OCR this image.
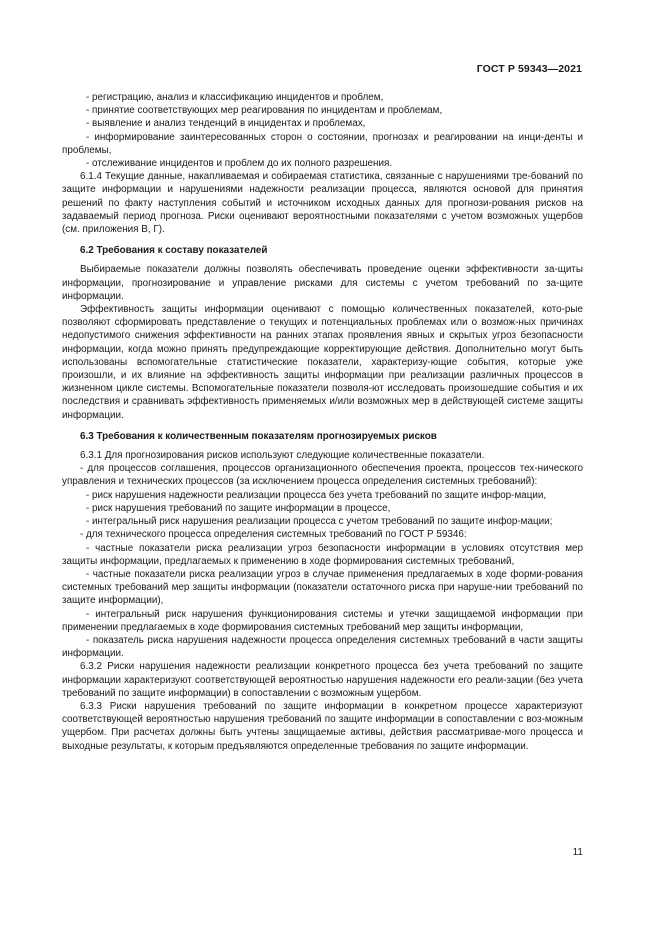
ГОСТ Р 59343—2021

- регистрацию, анализ и классификацию инцидентов и проблем,

- принятие соответствующих мер реагирования по инцидентам и проблемам,

- выявление и анализ тенденций в инцидентах и проблемах,

- информирование заинтересованных сторон о состоянии, прогнозах и реагировании на инци-денты и проблемы,

- отслеживание инцидентов и проблем до их полного разрешения.

6.1.4 Текущие данные, накапливаемая и собираемая статистика, связанные с нарушениями тре-бований по защите информации и нарушениями надежности реализации процесса, являются основой для принятия решений по факту наступления событий и источником исходных данных для прогнози-рования рисков на задаваемый период прогноза. Риски оценивают вероятностными показателями с учетом возможных ущербов (см. приложения В, Г).

6.2 Требования к составу показателей

Выбираемые показатели должны позволять обеспечивать проведение оценки эффективности за-щиты информации, прогнозирование и управление рисками для системы с учетом требований по за-щите информации.

Эффективность защиты информации оценивают с помощью количественных показателей, кото-рые позволяют сформировать представление о текущих и потенциальных проблемах или о возмож-ных причинах недопустимого снижения эффективности на ранних этапах проявления явных и скрытых угроз безопасности информации, когда можно принять предупреждающие корректирующие действия. Дополнительно могут быть использованы вспомогательные статистические показатели, характеризу-ющие события, которые уже произошли, и их влияние на эффективность защиты информации при реализации различных процессов в жизненном цикле системы. Вспомогательные показатели позволя-ют исследовать произошедшие события и их последствия и сравнивать эффективность применяемых и/или возможных мер в действующей системе защиты информации.

6.3 Требования к количественным показателям прогнозируемых рисков

6.3.1 Для прогнозирования рисков используют следующие количественные показатели.

- для процессов соглашения, процессов организационного обеспечения проекта, процессов тех-нического управления и технических процессов (за исключением процесса определения системных требований):

- риск нарушения надежности реализации процесса без учета требований по защите инфор-мации,

- риск нарушения требований по защите информации в процессе,

- интегральный риск нарушения реализации процесса с учетом требований по защите инфор-мации;

- для технического процесса определения системных требований по ГОСТ Р 59346:

- частные показатели риска реализации угроз безопасности информации в условиях отсутствия мер защиты информации, предлагаемых к применению в ходе формирования системных требований,

- частные показатели риска реализации угроз в случае применения предлагаемых в ходе форми-рования системных требований мер защиты информации (показатели остаточного риска при наруше-нии требований по защите информации),

- интегральный риск нарушения функционирования системы и утечки защищаемой информации при применении предлагаемых в ходе формирования системных требований мер защиты информации,

- показатель риска нарушения надежности процесса определения системных требований в части защиты информации.

6.3.2 Риски нарушения надежности реализации конкретного процесса без учета требований по защите информации характеризуют соответствующей вероятностью нарушения надежности его реали-зации (без учета требований по защите информации) в сопоставлении с возможным ущербом.

6.3.3 Риски нарушения требований по защите информации в конкретном процессе характеризуют соответствующей вероятностью нарушения требований по защите информации в сопоставлении с воз-можным ущербом. При расчетах должны быть учтены защищаемые активы, действия рассматривае-мого процесса и выходные результаты, к которым предъявляются определенные требования по защите информации.

11
